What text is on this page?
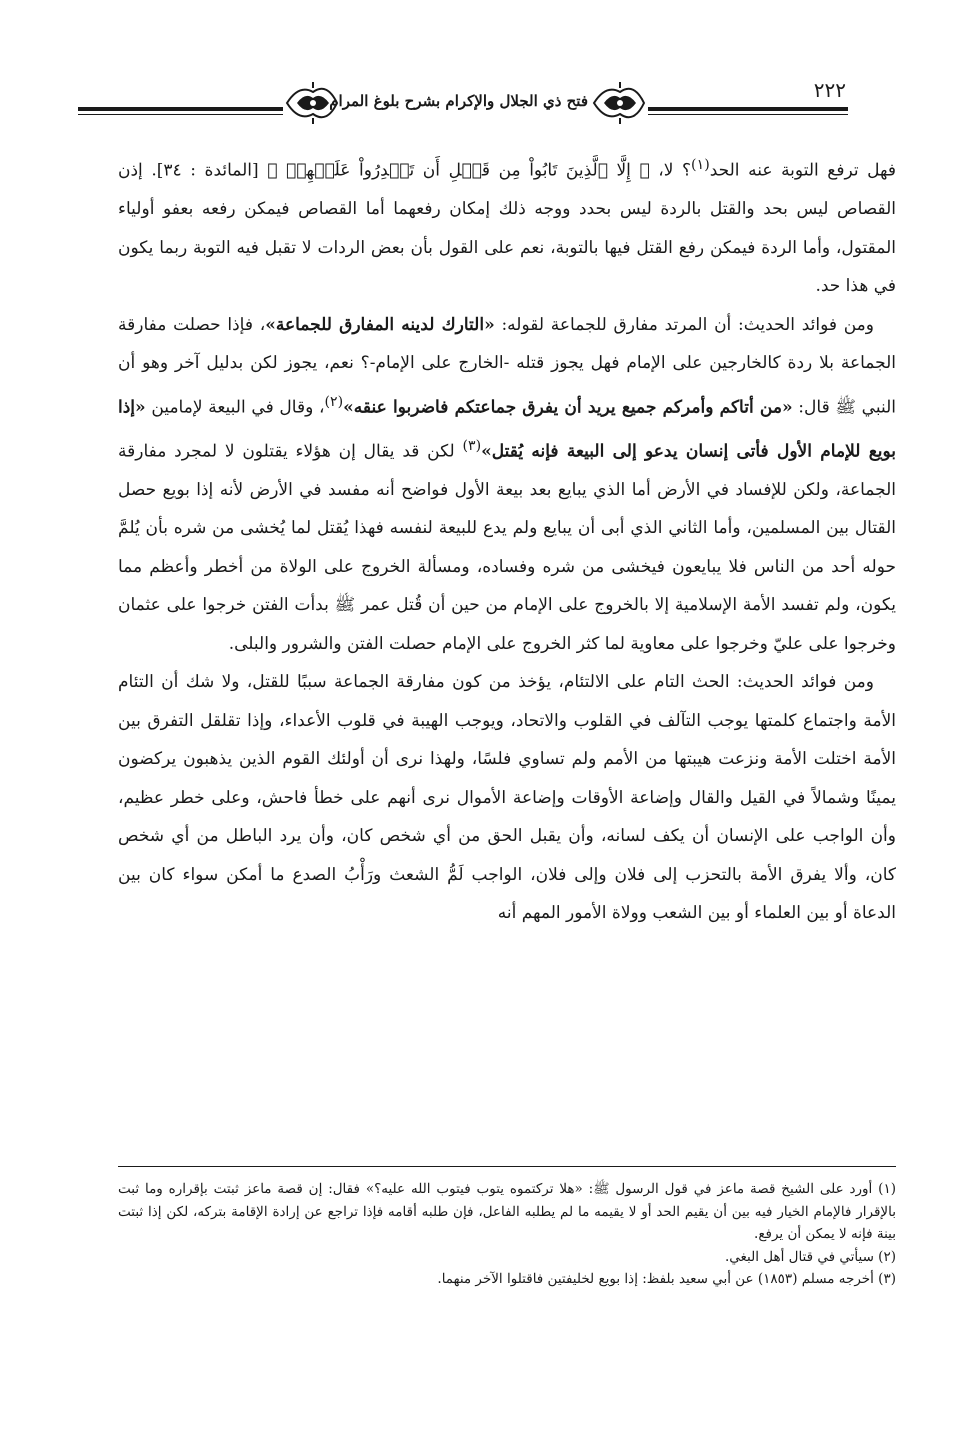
٢٢٢
فتح ذي الجلال والإكرام بشرح بلوغ المرام

فهل ترفع التوبة عنه الحد$^{(١)}$؟ لا، ﴿ إِلَّا ٱلَّذِينَ تَابُواْ مِن قَبۡلِ أَن تَقۡدِرُواْ عَلَيۡهِمۡ ﴾ [المائدة : ٣٤]. إذن القصاص ليس بحد والقتل بالردة ليس بحدد ووجه ذلك إمكان رفعهما أما القصاص فيمكن رفعه بعفو أولياء المقتول، وأما الردة فيمكن رفع القتل فيها بالتوبة، نعم على القول بأن بعض الردات لا تقبل فيه التوبة ربما يكون في هذا حد.

ومن فوائد الحديث: أن المرتد مفارق للجماعة لقوله: «التارك لدينه المفارق للجماعة»، فإذا حصلت مفارقة الجماعة بلا ردة كالخارجين على الإمام فهل يجوز قتله -الخارج على الإمام-؟ نعم، يجوز لكن بدليل آخر وهو أن النبي ﷺ قال: «من أتاكم وأمركم جميع يريد أن يفرق جماعتكم فاضربوا عنقه»$^{(٢)}$، وقال في البيعة لإمامين «إذا بويع للإمام الأول فأتى إنسان يدعو إلى البيعة فإنه يُقتل»$^{(٣)}$ لكن قد يقال إن هؤلاء يقتلون لا لمجرد مفارقة الجماعة، ولكن للإفساد في الأرض أما الذي يبايع بعد بيعة الأول فواضح أنه مفسد في الأرض لأنه إذا بويع حصل القتال بين المسلمين، وأما الثاني الذي أبى أن يبايع ولم يدع للبيعة لنفسه فهذا يُقتل لما يُخشى من شره بأن يُلمَّ حوله أحد من الناس فلا يبايعون فيخشى من شره وفساده، ومسألة الخروج على الولاة من أخطر وأعظم مما يكون، ولم تفسد الأمة الإسلامية إلا بالخروج على الإمام من حين أن قُتل عمر ﷺ بدأت الفتن خرجوا على عثمان وخرجوا على عليّ وخرجوا على معاوية لما كثر الخروج على الإمام حصلت الفتن والشرور والبلى.

ومن فوائد الحديث: الحث التام على الالتئام، يؤخذ من كون مفارقة الجماعة سببًا للقتل، ولا شك أن التئام الأمة واجتماع كلمتها يوجب التآلف في القلوب والاتحاد، ويوجب الهيبة في قلوب الأعداء، وإذا تقلقل التفرق بين الأمة اختلت الأمة ونزعت هيبتها من الأمم ولم تساوي فلسًا، ولهذا نرى أن أولئك القوم الذين يذهبون يركضون يمينًا وشمالاً في القيل والقال وإضاعة الأوقات وإضاعة الأموال نرى أنهم على خطأ فاحش، وعلى خطر عظيم، وأن الواجب على الإنسان أن يكف لسانه، وأن يقبل الحق من أي شخص كان، وأن يرد الباطل من أي شخص كان، وألا يفرق الأمة بالتحزب إلى فلان وإلى فلان، الواجب لَمُّ الشعث ورَأْبُ الصدع ما أمكن سواء كان بين الدعاة أو بين العلماء أو بين الشعب وولاة الأمور المهم أنه

(١) أورد على الشيخ قصة ماعز في قول الرسول ﷺ: «هلا تركتموه يتوب فيتوب الله عليه؟» فقال: إن قصة ماعز ثبتت بإقراره وما ثبت بالإقرار فالإمام الخيار فيه بين أن يقيم الحد أو لا يقيمه ما لم يطلبه الفاعل، فإن طلبه أقامه فإذا تراجع عن إرادة الإقامة بتركه، لكن إذا ثبتت بينة فإنه لا يمكن أن يرفع.

(٢) سيأتي في قتال أهل البغي.

(٣) أخرجه مسلم (١٨٥٣) عن أبي سعيد بلفظ: إذا بويع لخليفتين فاقتلوا الآخر منهما.
